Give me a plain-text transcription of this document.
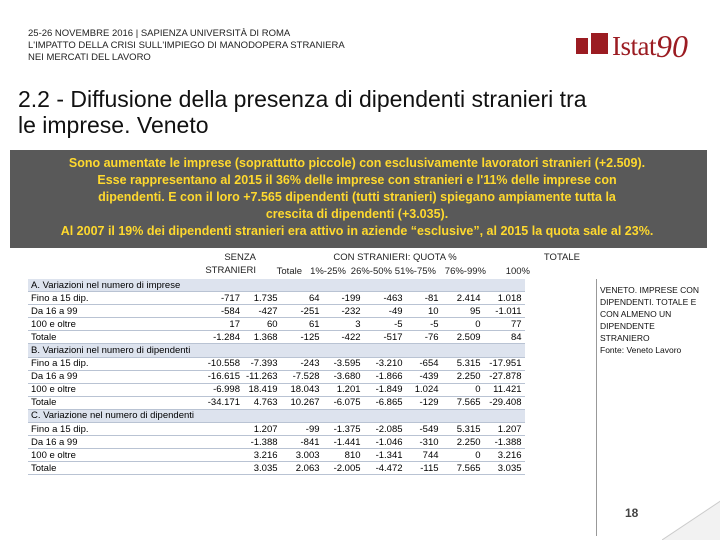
25-26 NOVEMBRE 2016 | SAPIENZA UNIVERSITÀ DI ROMA
L'IMPATTO DELLA CRISI SULL'IMPIEGO DI MANODOPERA STRANIERA
NEI MERCATI DEL LAVORO	Istat 90
2.2 - Diffusione della presenza di dipendenti stranieri tra
le imprese. Veneto
Sono aumentate le imprese (soprattutto piccole) con esclusivamente lavoratori stranieri (+2.509).
Esse rappresentano al 2015 il 36% delle imprese con stranieri e l'11% delle imprese con
dipendenti. E con il loro +7.565 dipendenti (tutti stranieri) spiegano ampiamente tutta la
crescita di dipendenti (+3.035).
Al 2007 il 19% dei dipendenti stranieri era attivo in aziende “esclusive”, al 2015 la quota sale al 23%.
SENZA
STRANIERI
CON STRANIERI: QUOTA %
Totale 1%-25% 26%-50% 51%-75% 76%-99%	100%
TOTALE
A. Variazioni nel numero di imprese								
Fino a 15 dip.	-717	1.735	64	-199	-463	-81	2.414	1.018
Da 16 a 99	-584	-427	-251	-232	-49	10	95	-1.011
100 e oltre	17	60	61	3	-5	-5	0	77
Totale	-1.284	1.368	-125	-422	-517	-76	2.509	84
B. Variazioni nel numero di dipendenti								
Fino a 15 dip.	-10.558	-7.393	-243	-3.595	-3.210	-654	5.315	-17.951
Da 16 a 99	-16.615	-11.263	-7.528	-3.680	-1.866	-439	2.250	-27.878
100 e oltre	-6.998	18.419	18.043	1.201	-1.849	1.024	0	11.421
Totale	-34.171	4.763	10.267	-6.075	-6.865	-129	7.565	-29.408
C. Variazione nel numero di dipendenti								
Fino a 15 dip.		1.207	-99	-1.375	-2.085	-549	5.315	1.207
Da 16 a 99		-1.388	-841	-1.441	-1.046	-310	2.250	-1.388
100 e oltre		3.216	3.003	810	-1.341	744	0	3.216
Totale		3.035	2.063	-2.005	-4.472	-115	7.565	3.035
VENETO. IMPRESE CON
DIPENDENTI. TOTALE E
CON ALMENO UN
DIPENDENTE
STRANIERO
Fonte: Veneto Lavoro
18
